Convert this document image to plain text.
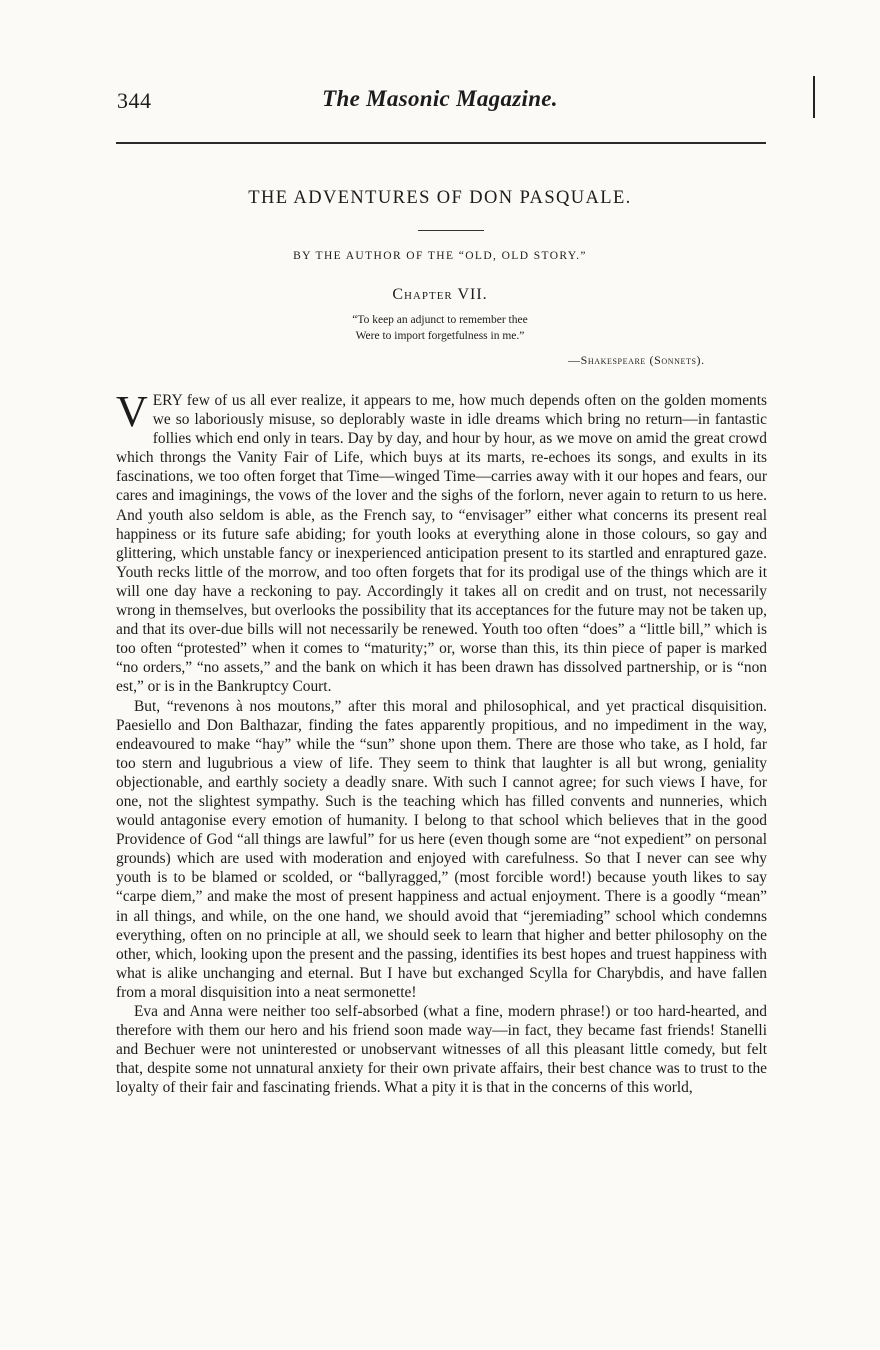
344	The Masonic Magazine.
THE ADVENTURES OF DON PASQUALE.
BY THE AUTHOR OF THE “OLD, OLD STORY.”
Chapter VII.
“To keep an adjunct to remember thee
Were to import forgetfulness in me.”
—Shakespeare (Sonnets).

VERY few of us all ever realize, it appears to me, how much depends often on the golden moments we so laboriously misuse, so deplorably waste in idle dreams which bring no return—in fantastic follies which end only in tears. Day by day, and hour by hour, as we move on amid the great crowd which throngs the Vanity Fair of Life, which buys at its marts, re-echoes its songs, and exults in its fascinations, we too often forget that Time—winged Time—carries away with it our hopes and fears, our cares and imaginings, the vows of the lover and the sighs of the forlorn, never again to return to us here. And youth also seldom is able, as the French say, to “envisager” either what concerns its present real happiness or its future safe abiding; for youth looks at everything alone in those colours, so gay and glittering, which unstable fancy or inexperienced anticipation present to its startled and enraptured gaze. Youth recks little of the morrow, and too often forgets that for its prodigal use of the things which are it will one day have a reckoning to pay. Accordingly it takes all on credit and on trust, not necessarily wrong in themselves, but overlooks the possibility that its acceptances for the future may not be taken up, and that its over-due bills will not necessarily be renewed. Youth too often “does” a “little bill,” which is too often “protested” when it comes to “maturity;” or, worse than this, its thin piece of paper is marked “no orders,” “no assets,” and the bank on which it has been drawn has dissolved partnership, or is “non est,” or is in the Bankruptcy Court.

But, “revenons à nos moutons,” after this moral and philosophical, and yet practical disquisition. Paesiello and Don Balthazar, finding the fates apparently propitious, and no impediment in the way, endeavoured to make “hay” while the “sun” shone upon them. There are those who take, as I hold, far too stern and lugubrious a view of life. They seem to think that laughter is all but wrong, geniality objectionable, and earthly society a deadly snare. With such I cannot agree; for such views I have, for one, not the slightest sympathy. Such is the teaching which has filled convents and nunneries, which would antagonise every emotion of humanity. I belong to that school which believes that in the good Providence of God “all things are lawful” for us here (even though some are “not expedient” on personal grounds) which are used with moderation and enjoyed with carefulness. So that I never can see why youth is to be blamed or scolded, or “ballyragged,” (most forcible word!) because youth likes to say “carpe diem,” and make the most of present happiness and actual enjoyment. There is a goodly “mean” in all things, and while, on the one hand, we should avoid that “jeremiading” school which condemns everything, often on no principle at all, we should seek to learn that higher and better philosophy on the other, which, looking upon the present and the passing, identifies its best hopes and truest happiness with what is alike unchanging and eternal. But I have but exchanged Scylla for Charybdis, and have fallen from a moral disquisition into a neat sermonette!

Eva and Anna were neither too self-absorbed (what a fine, modern phrase!) or too hard-hearted, and therefore with them our hero and his friend soon made way—in fact, they became fast friends! Stanelli and Bechuer were not uninterested or unobservant witnesses of all this pleasant little comedy, but felt that, despite some not unnatural anxiety for their own private affairs, their best chance was to trust to the loyalty of their fair and fascinating friends. What a pity it is that in the concerns of this world,
